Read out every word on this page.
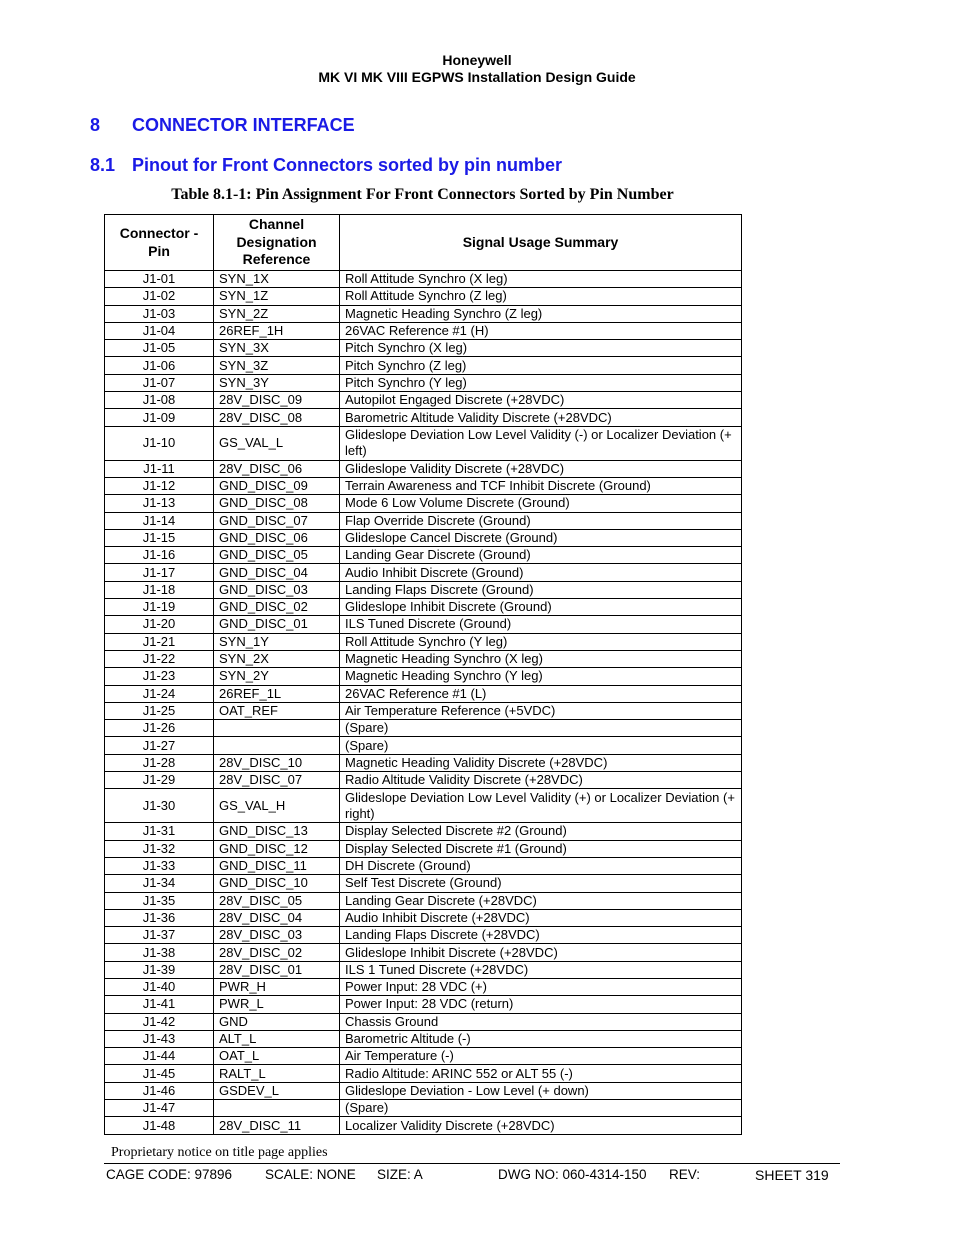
Honeywell
MK VI MK VIII EGPWS Installation Design Guide
8 CONNECTOR INTERFACE
8.1 Pinout for Front Connectors sorted by pin number
Table 8.1-1: Pin Assignment For Front Connectors Sorted by Pin Number
Connector - Pin	Channel Designation Reference	Signal Usage Summary
J1-01	SYN_1X	Roll Attitude Synchro (X leg)
J1-02	SYN_1Z	Roll Attitude Synchro (Z leg)
J1-03	SYN_2Z	Magnetic Heading Synchro (Z leg)
J1-04	26REF_1H	26VAC Reference #1 (H)
J1-05	SYN_3X	Pitch Synchro (X leg)
J1-06	SYN_3Z	Pitch Synchro (Z leg)
J1-07	SYN_3Y	Pitch Synchro (Y leg)
J1-08	28V_DISC_09	Autopilot Engaged Discrete (+28VDC)
J1-09	28V_DISC_08	Barometric Altitude Validity Discrete (+28VDC)
J1-10	GS_VAL_L	Glideslope Deviation Low Level Validity (-) or Localizer Deviation (+ left)
J1-11	28V_DISC_06	Glideslope Validity Discrete (+28VDC)
J1-12	GND_DISC_09	Terrain Awareness and TCF Inhibit Discrete (Ground)
J1-13	GND_DISC_08	Mode 6 Low Volume Discrete (Ground)
J1-14	GND_DISC_07	Flap Override Discrete (Ground)
J1-15	GND_DISC_06	Glideslope Cancel Discrete (Ground)
J1-16	GND_DISC_05	Landing Gear Discrete (Ground)
J1-17	GND_DISC_04	Audio Inhibit Discrete (Ground)
J1-18	GND_DISC_03	Landing Flaps Discrete (Ground)
J1-19	GND_DISC_02	Glideslope Inhibit Discrete (Ground)
J1-20	GND_DISC_01	ILS Tuned Discrete (Ground)
J1-21	SYN_1Y	Roll Attitude Synchro (Y leg)
J1-22	SYN_2X	Magnetic Heading Synchro (X leg)
J1-23	SYN_2Y	Magnetic Heading Synchro (Y leg)
J1-24	26REF_1L	26VAC Reference #1 (L)
J1-25	OAT_REF	Air Temperature Reference (+5VDC)
J1-26		(Spare)
J1-27		(Spare)
J1-28	28V_DISC_10	Magnetic Heading Validity Discrete (+28VDC)
J1-29	28V_DISC_07	Radio Altitude Validity Discrete (+28VDC)
J1-30	GS_VAL_H	Glideslope Deviation Low Level Validity (+) or Localizer Deviation (+ right)
J1-31	GND_DISC_13	Display Selected Discrete #2 (Ground)
J1-32	GND_DISC_12	Display Selected Discrete #1 (Ground)
J1-33	GND_DISC_11	DH Discrete (Ground)
J1-34	GND_DISC_10	Self Test Discrete (Ground)
J1-35	28V_DISC_05	Landing Gear Discrete (+28VDC)
J1-36	28V_DISC_04	Audio Inhibit Discrete (+28VDC)
J1-37	28V_DISC_03	Landing Flaps Discrete (+28VDC)
J1-38	28V_DISC_02	Glideslope Inhibit Discrete (+28VDC)
J1-39	28V_DISC_01	ILS 1 Tuned Discrete (+28VDC)
J1-40	PWR_H	Power Input: 28 VDC (+)
J1-41	PWR_L	Power Input: 28 VDC (return)
J1-42	GND	Chassis Ground
J1-43	ALT_L	Barometric Altitude (-)
J1-44	OAT_L	Air Temperature (-)
J1-45	RALT_L	Radio Altitude: ARINC 552 or ALT 55 (-)
J1-46	GSDEV_L	Glideslope Deviation - Low Level (+ down)
J1-47		(Spare)
J1-48	28V_DISC_11	Localizer Validity Discrete (+28VDC)
Proprietary notice on title page applies
CAGE CODE: 97896 SCALE: NONE SIZE: A	DWG NO: 060-4314-150 REV:	SHEET 319
